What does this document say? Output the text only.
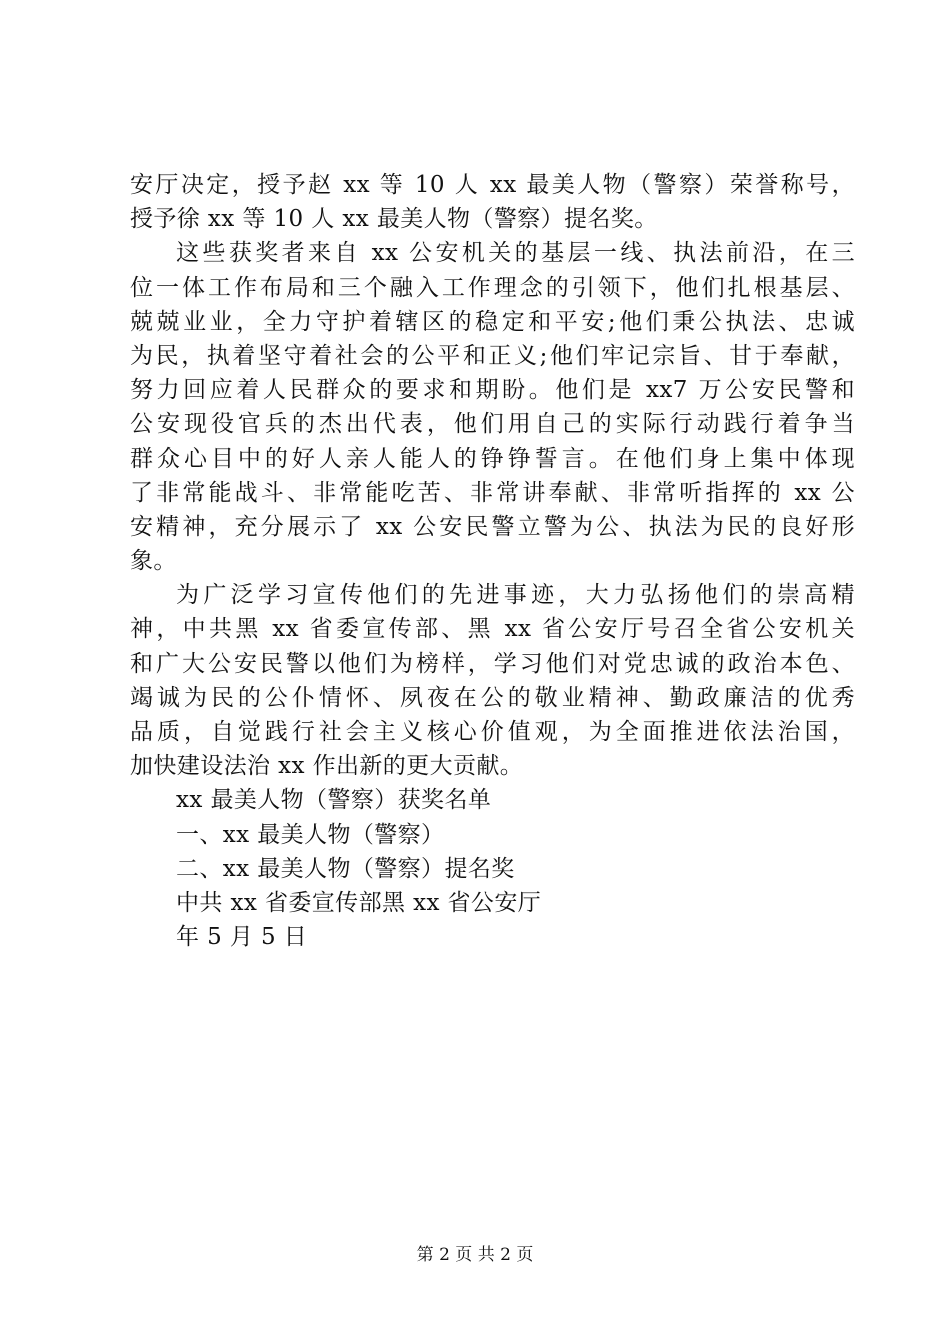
安厅决定，授予赵 xx 等 10 人 xx 最美人物（警察）荣誉称号，
授予徐 xx 等 10 人 xx 最美人物（警察）提名奖。
这些获奖者来自 xx 公安机关的基层一线、执法前沿，在三
位一体工作布局和三个融入工作理念的引领下，他们扎根基层、
兢兢业业，全力守护着辖区的稳定和平安;他们秉公执法、忠诚
为民，执着坚守着社会的公平和正义;他们牢记宗旨、甘于奉献，
努力回应着人民群众的要求和期盼。他们是 xx7 万公安民警和
公安现役官兵的杰出代表，他们用自己的实际行动践行着争当
群众心目中的好人亲人能人的铮铮誓言。在他们身上集中体现
了非常能战斗、非常能吃苦、非常讲奉献、非常听指挥的 xx 公
安精神，充分展示了 xx 公安民警立警为公、执法为民的良好形
象。
为广泛学习宣传他们的先进事迹，大力弘扬他们的崇高精
神，中共黑 xx 省委宣传部、黑 xx 省公安厅号召全省公安机关
和广大公安民警以他们为榜样，学习他们对党忠诚的政治本色、
竭诚为民的公仆情怀、夙夜在公的敬业精神、勤政廉洁的优秀
品质，自觉践行社会主义核心价值观，为全面推进依法治国，
加快建设法治 xx 作出新的更大贡献。
xx 最美人物（警察）获奖名单
一、xx 最美人物（警察）
二、xx 最美人物（警察）提名奖
中共 xx 省委宣传部黑 xx 省公安厅
年 5 月 5 日
第 2 页 共 2 页
